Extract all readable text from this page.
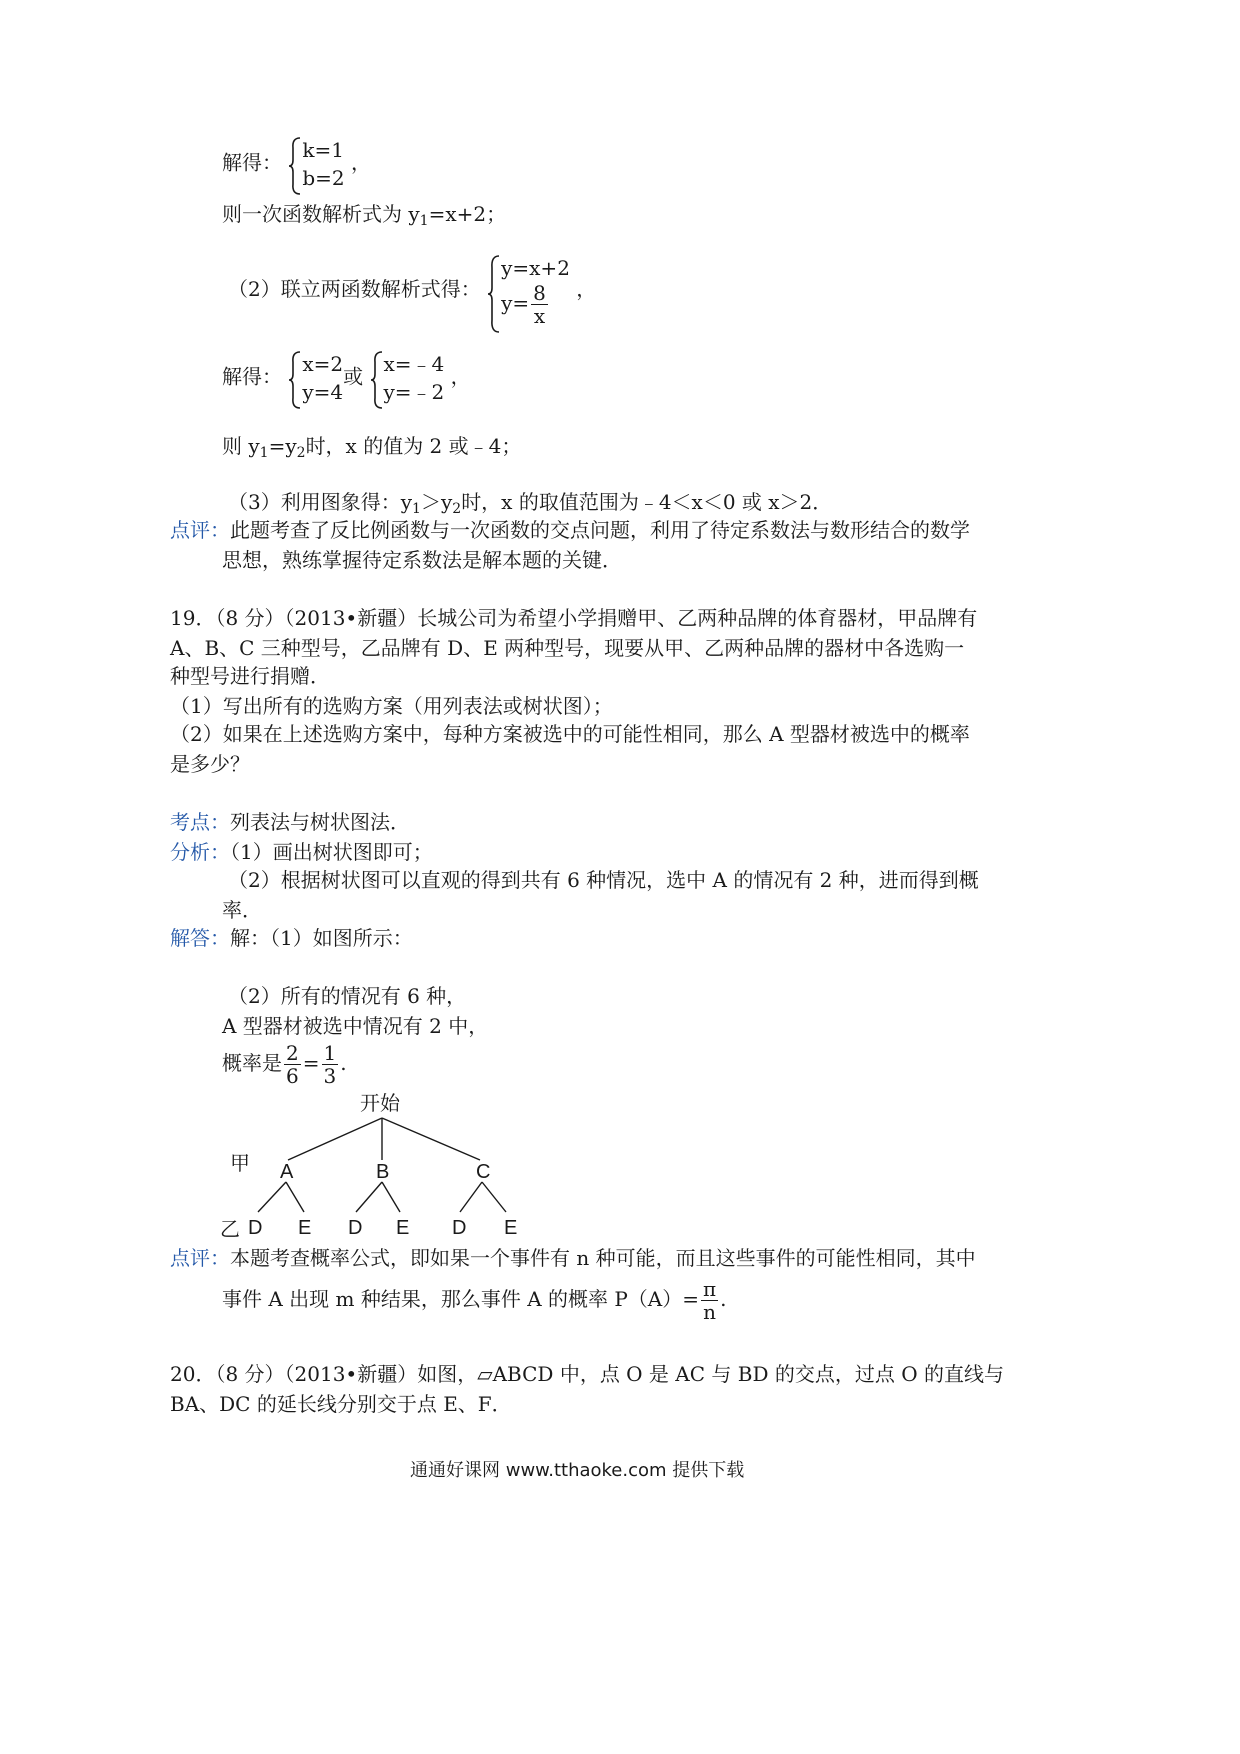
解得：
k=1
b=2
，
则一次函数解析式为 $y_1=x+2$；
（2）联立两函数解析式得：
y=x+2
$y= \frac{8}{x}$ ，
解得：
x=2
y=4
或
x=﹣4
y=﹣2
，
则 $y_1=y_2$时，x 的值为 2 或﹣4；
（3）利用图象得：$y_1>y_2$时，x 的取值范围为﹣4＜x＜0 或 x＞2．
点评：此题考查了反比例函数与一次函数的交点问题，利用了待定系数法与数形结合的数学
思想，熟练掌握待定系数法是解本题的关键．
19．（8 分）（2013•新疆）长城公司为希望小学捐赠甲、乙两种品牌的体育器材，甲品牌有
A、B、C 三种型号，乙品牌有 D、E 两种型号，现要从甲、乙两种品牌的器材中各选购一
种型号进行捐赠．
（1）写出所有的选购方案（用列表法或树状图）；
（2）如果在上述选购方案中，每种方案被选中的可能性相同，那么 A 型器材被选中的概率
是多少？
考点：列表法与树状图法．
分析：（1）画出树状图即可；
（2）根据树状图可以直观的得到共有 6 种情况，选中 A 的情况有 2 种，进而得到概
率．
解答：解：（1）如图所示：
（2）所有的情况有 6 种，
A 型器材被选中情况有 2 中，
概率是 $\frac{2}{6} = \frac{1}{3}$ .
开始
甲 A	B	C
乙 D E D E D E
点评：本题考查概率公式，即如果一个事件有 n 种可能，而且这些事件的可能性相同，其中
事件 A 出现 m 种结果，那么事件 A 的概率 $P(A)= \frac{\pi}{n}$ .
20．（8 分）（2013•新疆）如图，▱ABCD 中，点 O 是 AC 与 BD 的交点，过点 O 的直线与
BA、DC 的延长线分别交于点 E、F．
通通好课网 www.tthaoke.com 提供下载
